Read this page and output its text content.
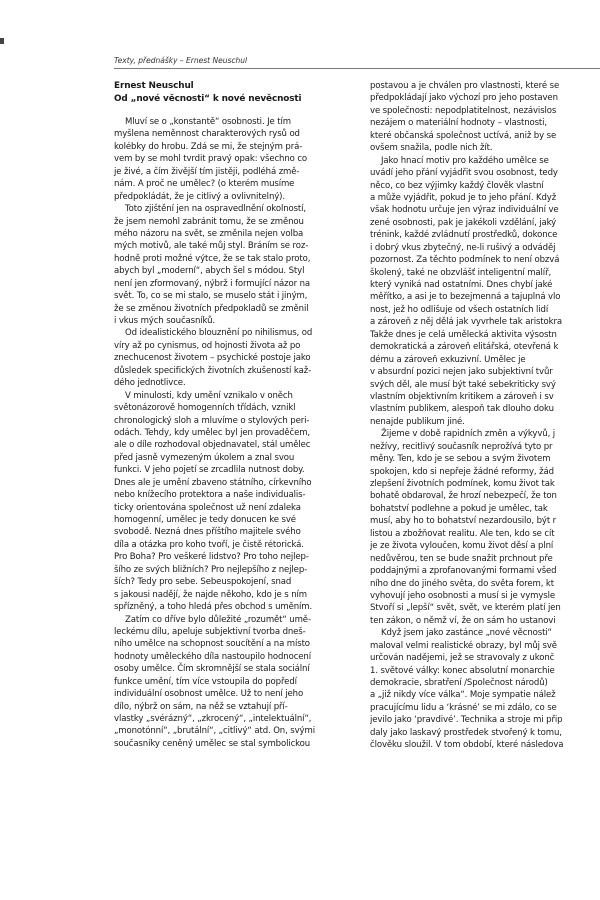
Texty, přednášky – Ernest Neuschul
Ernest Neuschul
Od „nové věcnosti“ k nové nevěcnosti
Mluví se o „konstantě“ osobnosti. Je tím
myšlena neměnnost charakterových rysů od
kolébky do hrobu. Zdá se mi, že stejným prá-
vem by se mohl tvrdit pravý opak: všechno co
je živé, a čím živější tím jistěji, podléhá změ-
nám. A proč ne umělec? (o kterém musíme
předpokládát, že je citlivý a ovlivnitelný).
Toto zjištění jen na ospravedlnění okolností,
že jsem nemohl zabránit tomu, že se změnou
mého názoru na svět, se změnila nejen volba
mých motivů, ale také můj styl. Bráním se roz-
hodně proti možné výtce, že se tak stalo proto,
abych byl „moderní“, abych šel s módou. Styl
není jen zformovaný, nýbrž i formující názor na
svět. To, co se mi stalo, se muselo stát i jiným,
že se změnou životních předpokladů se změnil
i vkus mých současníků.
Od idealistického blouznění po nihilismus, od
víry až po cynismus, od hojnosti života až po
znechucenost životem – psychické postoje jako
důsledek specifických životních zkušeností kaž-
dého jednotlivce.
V minulosti, kdy umění vznikalo v oněch
světonázorově homogenních třídách, vznikl
chronologický sloh a mluvíme o stylových peri-
odách. Tehdy, kdy umělec byl jen provaděčem,
ale o díle rozhodoval objednavatel, stál umělec
před jasně vymezeným úkolem a znal svou
funkci. V jeho pojetí se zrcadlila nutnost doby.
Dnes ale je umění zbaveno státního, církevního
nebo knížecího protektora a naše individualis-
ticky orientována společnost už není zdaleka
homogenní, umělec je tedy donucen ke své
svobodě. Nezná dnes příštího majitele svého
díla a otázka pro koho tvoří, je čistě rétorická.
Pro Boha? Pro veškeré lidstvo? Pro toho nejlep-
šího ze svých bližních? Pro nejlepšího z nejlep-
ších? Tedy pro sebe. Sebeuspokojení, snad
s jakousi nadějí, že najde někoho, kdo je s ním
spřízněný, a toho hledá přes obchod s uměním.
Zatím co dříve bylo důležité „rozumět“ umě-
leckému dílu, apeluje subjektivní tvorba dneš-
ního umělce na schopnost soucítění a na místo
hodnoty uměleckého díla nastoupilo hodnocení
osoby umělce. Čím skromnější se stala sociální
funkce umění, tím více vstoupila do popředí
individuální osobnost umělce. Už to není jeho
dílo, nýbrž on sám, na něž se vztahují pří-
vlastky „svérázný“, „zkrocený“, „intelektuální“,
„monotónní“, „brutální“, „citlivý“ atd. On, svými
současníky ceněný umělec se stal symbolickou
postavou a je chválen pro vlastnosti, které se
předpokládají jako výchozí pro jeho postaven
ve společnosti: nepodplatitelnost, nezávislos
nezájem o materiální hodnoty – vlastnosti,
které občanská společnost uctívá, aniž by se
ovšem snažila, podle nich žít.
Jako hnací motiv pro každého umělce se
uvádí jeho přání vyjádřit svou osobnost, tedy
něco, co bez výjimky každý člověk vlastní
a může vyjádřit, pokud je to jeho přání. Když
však hodnotu určuje jen výraz individuální ve
zené osobnosti, pak je jakékoli vzdělání, jaký
trénink, každé zvládnutí prostředků, dokonce
i dobrý vkus zbytečný, ne-li rušivý a odváděj
pozornost. Za těchto podmínek to není obzvá
školený, také ne obzvlášť inteligentní malíř,
který vyniká nad ostatními. Dnes chybí jaké
měřítko, a asi je to bezejmenná a tajuplná vlo
nost, jež ho odlišuje od všech ostatních lidí
a zároveň z něj dělá jak vyvrhele tak aristokra
Takže dnes je celá umělecká aktivita výsostn
demokratická a zároveň elitářská, otevřená k
dému a zároveň exkuzivní. Umělec je
v absurdní pozici nejen jako subjektivní tvůr
svých děl, ale musí být také sebekriticky svý
vlastním objektivním kritikem a zároveň i sv
vlastním publikem, alespoň tak dlouho doku
nenajde publikum jiné.
Žijeme v době rapidních změn a výkyvů, j
nežívy, recitlivý současník neprožívá tyto pr
měny. Ten, kdo je se sebou a svým životem
spokojen, kdo si nepřeje žádné reformy, žád
zlepšení životních podmínek, komu život tak
bohatě obdaroval, že hrozí nebezpečí, že ton
bohatství podlehne a pokud je umělec, tak
musí, aby ho to bohatství nezardousilo, být r
listou a zbožňovat realitu. Ale ten, kdo se cít
je ze života vyloučen, komu život děsí a plní
nedůvěrou, ten se bude snažit prchnout pře
poddajnými a zprofanovanými formami všed
ního dne do jiného světa, do světa forem, kt
vyhovují jeho osobnosti a musí si je vymysle
Stvoří si „lepší“ svět, svět, ve kterém platí jen
ten zákon, o němž ví, že on sám ho ustanovi
Když jsem jako zastánce „nové věcnosti“
maloval velmi realistické obrazy, byl můj svě
určován nadějemi, jež se stravovaly z ukonč
1. světové války: konec absolutní monarchie
demokracie, sbratření /Společnost národů)
a „již nikdy více válka“. Moje sympatie nálež
pracujícímu lidu a ‘krásné’ se mi zdálo, co se
jevilo jako ‘pravdivé’. Technika a stroje mi přip
daly jako laskavý prostředek stvořený k tomu,
člověku sloužil. V tom období, které následova
